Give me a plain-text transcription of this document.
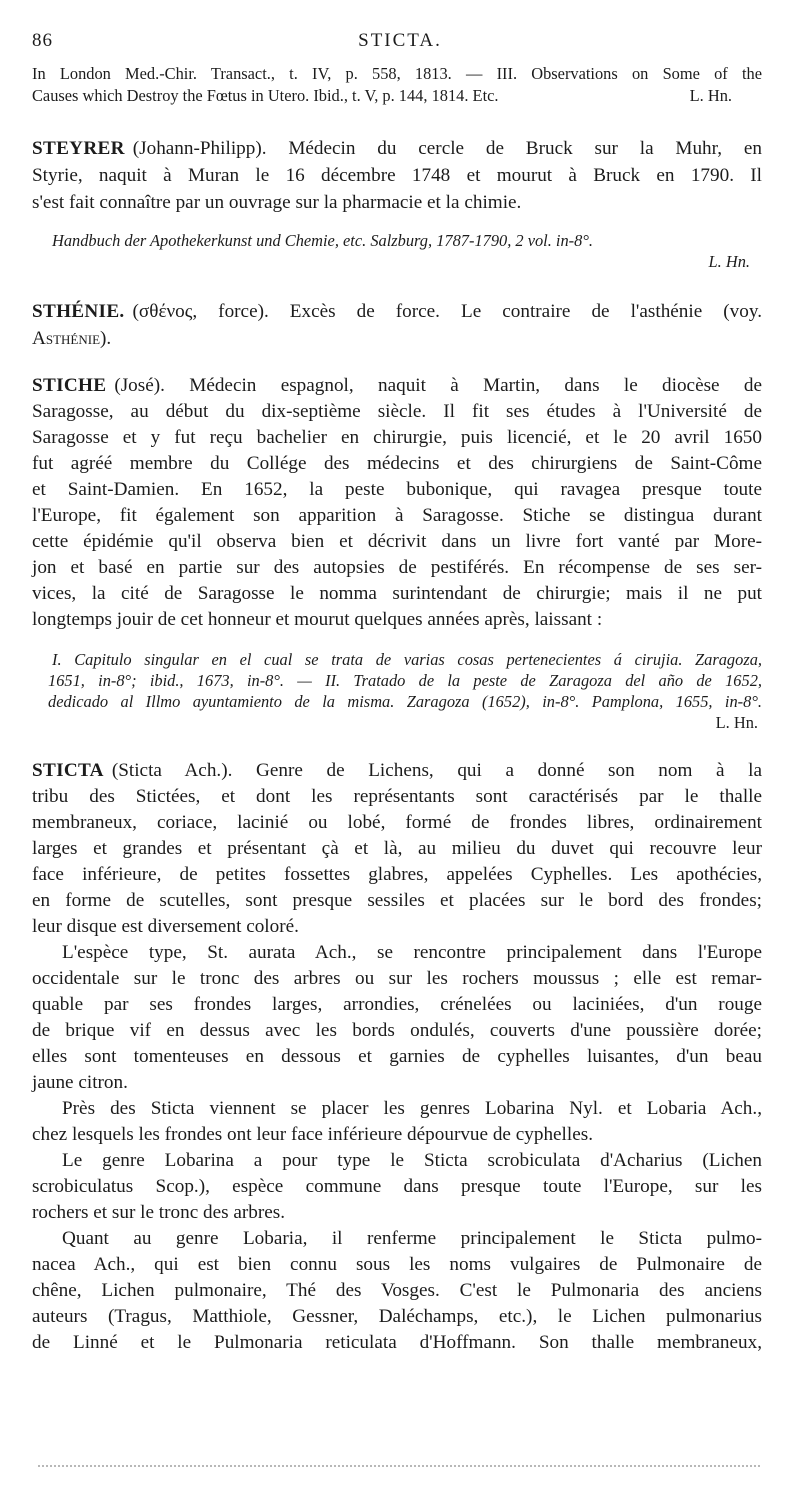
86	STICTA.
In London Med.-Chir. Transact., t. IV, p. 558, 1813. — III. Observations on Some of the
Causes which Destroy the Fœtus in Utero. Ibid., t. V, p. 144, 1814. Etc.	L. Hn.
STEYRER (Johann-Philipp). Médecin du cercle de Bruck sur la Muhr, en
Styrie, naquit à Muran le 16 décembre 1748 et mourut à Bruck en 1790. Il
s'est fait connaître par un ouvrage sur la pharmacie et la chimie.
Handbuch der Apothekerkunst und Chemie, etc. Salzburg, 1787-1790, 2 vol. in-8°.
L. Hn.
STHÉNIE. (σθένος, force). Excès de force. Le contraire de l'asthénie (voy.
Asthénie).
STICHE (José). Médecin espagnol, naquit à Martin, dans le diocèse de
Saragosse, au début du dix-septième siècle. Il fit ses études à l'Université de
Saragosse et y fut reçu bachelier en chirurgie, puis licencié, et le 20 avril 1650
fut agréé membre du Collége des médecins et des chirurgiens de Saint-Côme
et Saint-Damien. En 1652, la peste bubonique, qui ravagea presque toute
l'Europe, fit également son apparition à Saragosse. Stiche se distingua durant
cette épidémie qu'il observa bien et décrivit dans un livre fort vanté par More-
jon et basé en partie sur des autopsies de pestiférés. En récompense de ses ser-
vices, la cité de Saragosse le nomma surintendant de chirurgie; mais il ne put
longtemps jouir de cet honneur et mourut quelques années après, laissant :
I. Capitulo singular en el cual se trata de varias cosas pertenecientes á cirujia. Zaragoza,
1651, in-8°; ibid., 1673, in-8°. — II. Tratado de la peste de Zaragoza del año de 1652,
dedicado al Illmo ayuntamiento de la misma. Zaragoza (1652), in-8°. Pamplona, 1655, in-8°.
L. Hn.
STICTA (Sticta Ach.). Genre de Lichens, qui a donné son nom à la
tribu des Stictées, et dont les représentants sont caractérisés par le thalle
membraneux, coriace, lacinié ou lobé, formé de frondes libres, ordinairement
larges et grandes et présentant çà et là, au milieu du duvet qui recouvre leur
face inférieure, de petites fossettes glabres, appelées Cyphelles. Les apothécies,
en forme de scutelles, sont presque sessiles et placées sur le bord des frondes;
leur disque est diversement coloré.
L'espèce type, St. aurata Ach., se rencontre principalement dans l'Europe
occidentale sur le tronc des arbres ou sur les rochers moussus ; elle est remar-
quable par ses frondes larges, arrondies, crénelées ou laciniées, d'un rouge
de brique vif en dessus avec les bords ondulés, couverts d'une poussière dorée;
elles sont tomenteuses en dessous et garnies de cyphelles luisantes, d'un beau
jaune citron.
Près des Sticta viennent se placer les genres Lobarina Nyl. et Lobaria Ach.,
chez lesquels les frondes ont leur face inférieure dépourvue de cyphelles.
Le genre Lobarina a pour type le Sticta scrobiculata d'Acharius (Lichen
scrobiculatus Scop.), espèce commune dans presque toute l'Europe, sur les
rochers et sur le tronc des arbres.
Quant au genre Lobaria, il renferme principalement le Sticta pulmo-
nacea Ach., qui est bien connu sous les noms vulgaires de Pulmonaire de
chêne, Lichen pulmonaire, Thé des Vosges. C'est le Pulmonaria des anciens
auteurs (Tragus, Matthiole, Gessner, Daléchamps, etc.), le Lichen pulmonarius
de Linné et le Pulmonaria reticulata d'Hoffmann. Son thalle membraneux,
